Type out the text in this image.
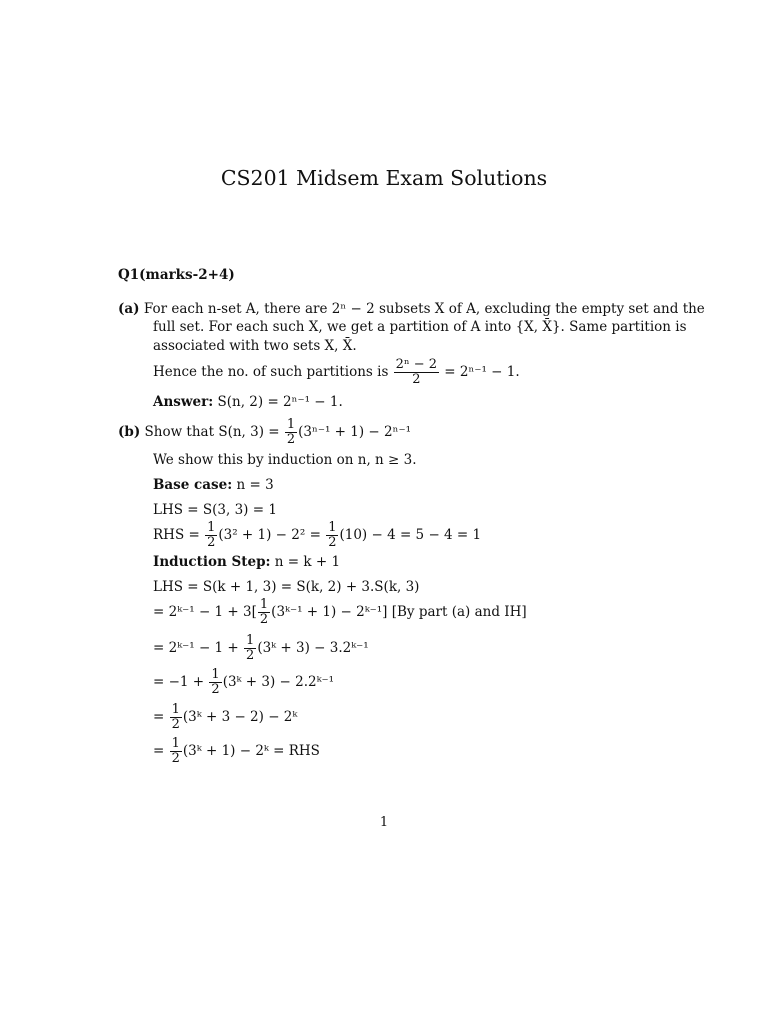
CS201 Midsem Exam Solutions
Q1(marks-2+4)
(a) For each n-set A, there are 2ⁿ − 2 subsets X of A, excluding the empty set and the
full set. For each such X, we get a partition of A into {X, X̄}. Same partition is
associated with two sets X, X̄.
Hence the no. of such partitions is $\frac{\text{2ⁿ − 2}}{2} = 2^{n-1} - 1$.
Answer: S(n, 2) = 2ⁿ⁻¹ − 1.
(b) Show that S(n, $3) = \frac{1}{2} (3^{n-1} + 1) - 2^{n-1}$
We show this by induction on n, n ≥ 3.
Base case: n = 3
LHS = S(3, 3) = 1
RHS = $\frac{1}{2} (3^2 + 1) - 2^2 = \frac{1}{2} (10) - 4 = 5 - 4 = 1$
Induction Step: n = k + 1
LHS = S(k + 1, 3) = S(k, 2) + 3.S(k, 3)
= 2ᵏ⁻¹ − $1 + 3[ \frac{1}{2}$ (3ᵏ⁻¹ + 1) − 2ᵏ⁻¹] [By part (a) and IH]
= 2ᵏ⁻¹ − $1 + \frac{1}{2}$ (3ᵏ + 3) − 3.2ᵏ⁻¹
= $-1 + \frac{1}{2}$ (3ᵏ + 3) − 2.2ᵏ⁻¹
= $\frac{1}{2}$ (3ᵏ + 3 − 2) − 2ᵏ
= $\frac{1}{2}$ (3ᵏ + 1) − 2ᵏ = RHS
1
